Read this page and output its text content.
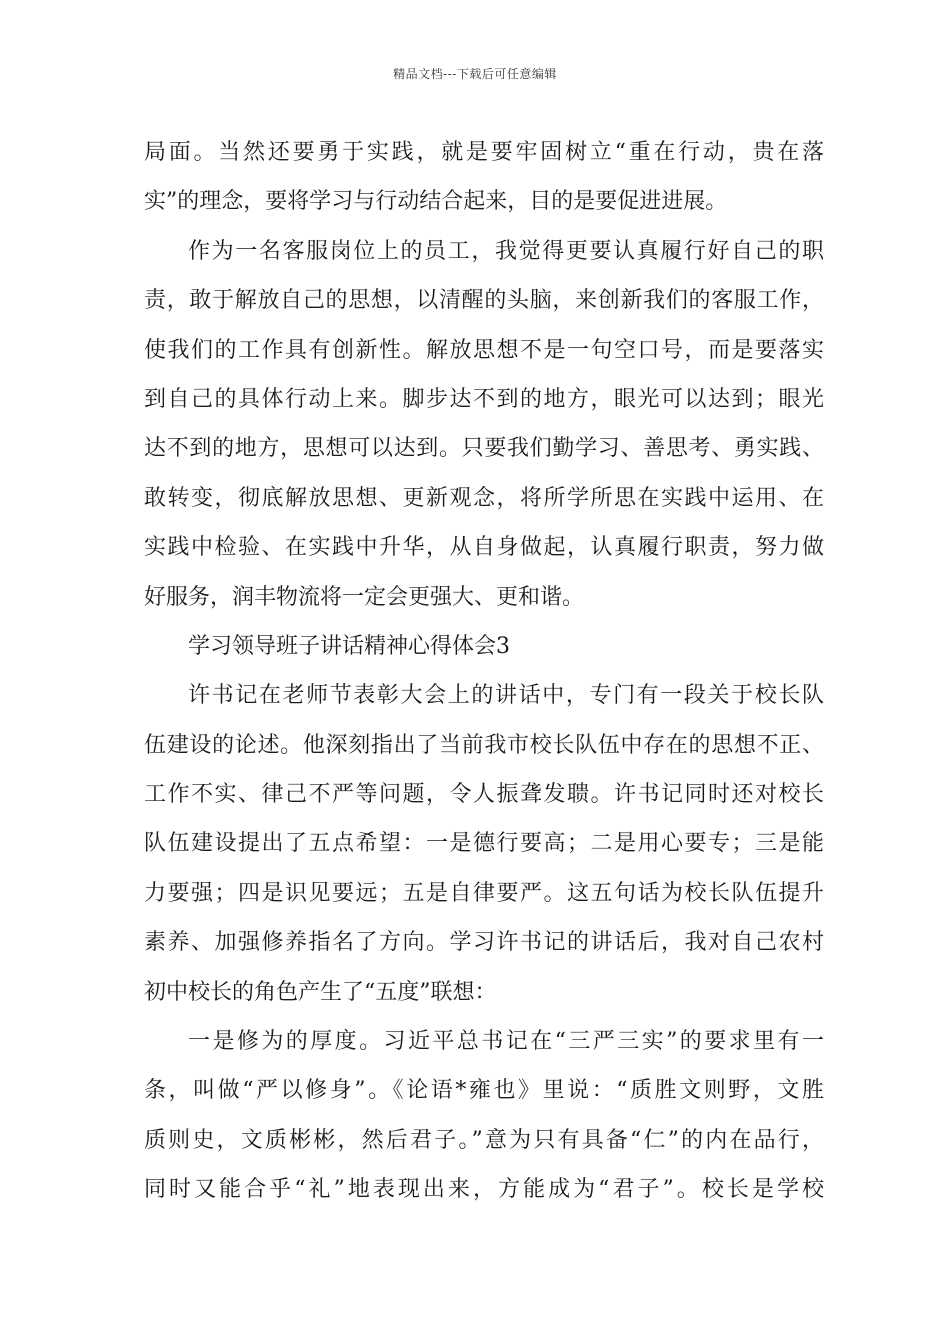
精品文档---下载后可任意编辑
局面。当然还要勇于实践，就是要牢固树立“重在行动，贵在落
实”的理念，要将学习与行动结合起来，目的是要促进进展。
作为一名客服岗位上的员工，我觉得更要认真履行好自己的职
责，敢于解放自己的思想，以清醒的头脑，来创新我们的客服工作，
使我们的工作具有创新性。解放思想不是一句空口号，而是要落实
到自己的具体行动上来。脚步达不到的地方，眼光可以达到；眼光
达不到的地方，思想可以达到。只要我们勤学习、善思考、勇实践、
敢转变，彻底解放思想、更新观念，将所学所思在实践中运用、在
实践中检验、在实践中升华，从自身做起，认真履行职责，努力做
好服务，润丰物流将一定会更强大、更和谐。
学习领导班子讲话精神心得体会3
许书记在老师节表彰大会上的讲话中，专门有一段关于校长队
伍建设的论述。他深刻指出了当前我市校长队伍中存在的思想不正、
工作不实、律己不严等问题，令人振聋发聩。许书记同时还对校长
队伍建设提出了五点希望：一是德行要高；二是用心要专；三是能
力要强；四是识见要远；五是自律要严。这五句话为校长队伍提升
素养、加强修养指名了方向。学习许书记的讲话后，我对自己农村
初中校长的角色产生了“五度”联想：
一是修为的厚度。习近平总书记在“三严三实”的要求里有一
条，叫做“严以修身”。《论语*雍也》里说：“质胜文则野，文胜
质则史，文质彬彬，然后君子。”意为只有具备“仁”的内在品行，
同时又能合乎“礼”地表现出来，方能成为“君子”。校长是学校
